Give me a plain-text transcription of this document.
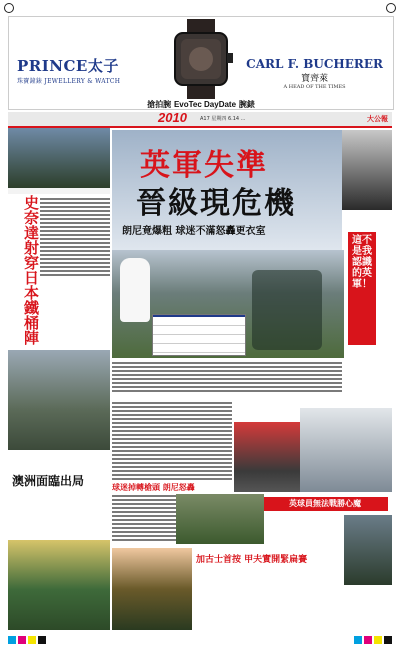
PRINCE太子
珠寶鐘錶 JEWELLERY & WATCH
CARL F. BUCHERER
寶齊萊
A HEAD OF THE TIMES
搶拍腕 EvoTec DayDate 腕錶
2010	A17 星期四 6.14 ...	大公報
史奈達射穿日本鐵桶陣
澳洲面臨出局
英軍失準
晉級現危機
朗尼竟爆粗 球迷不滿怒轟更衣室
這不是我認識的英軍！
球迷掉轉槍頭 朗尼怒轟
英球員無法戰勝心魔
加古士首按 甲夫實開緊扁賽
